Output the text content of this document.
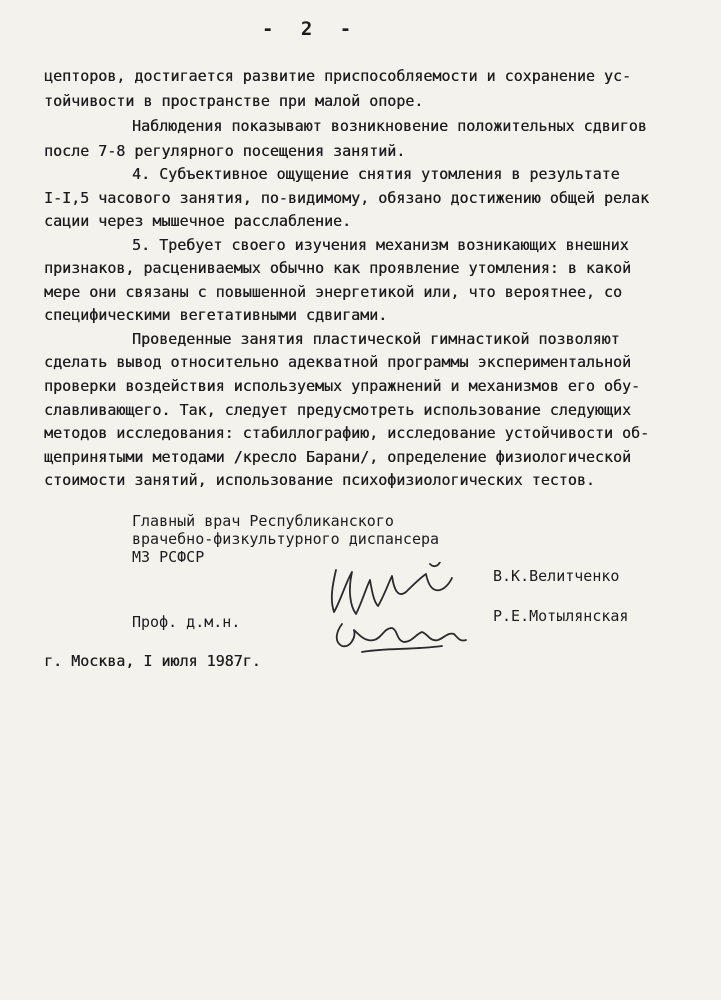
- 2 -
цепторов, достигается развитие приспособляемости и сохранение ус-
тойчивости в пространстве при малой опоре.
Наблюдения показывают возникновение положительных сдвигов
после 7-8 регулярного посещения занятий.
4. Субъективное ощущение снятия утомления в результате
I-I,5 часового занятия, по-видимому, обязано достижению общей релак
сации через мышечное расслабление.
5. Требует своего изучения механизм возникающих внешних
признаков, расцениваемых обычно как проявление утомления: в какой
мере они связаны с повышенной энергетикой или, что вероятнее, со
специфическими вегетативными сдвигами.
Проведенные занятия пластической гимнастикой позволяют
сделать вывод относительно адекватной программы экспериментальной
проверки воздействия используемых упражнений и механизмов его обу-
славливающего. Так, следует предусмотреть использование следующих
методов исследования: стабиллографию, исследование устойчивости об-
щепринятыми методами /кресло Барани/, определение физиологической
стоимости занятий, использование психофизиологических тестов.
Главный врач Республиканского
врачебно-физкультурного диспансера
МЗ РСФСР
В.К.Велитченко
Проф. д.м.н.	Р.Е.Мотылянская
г. Москва, I июля 1987г.
